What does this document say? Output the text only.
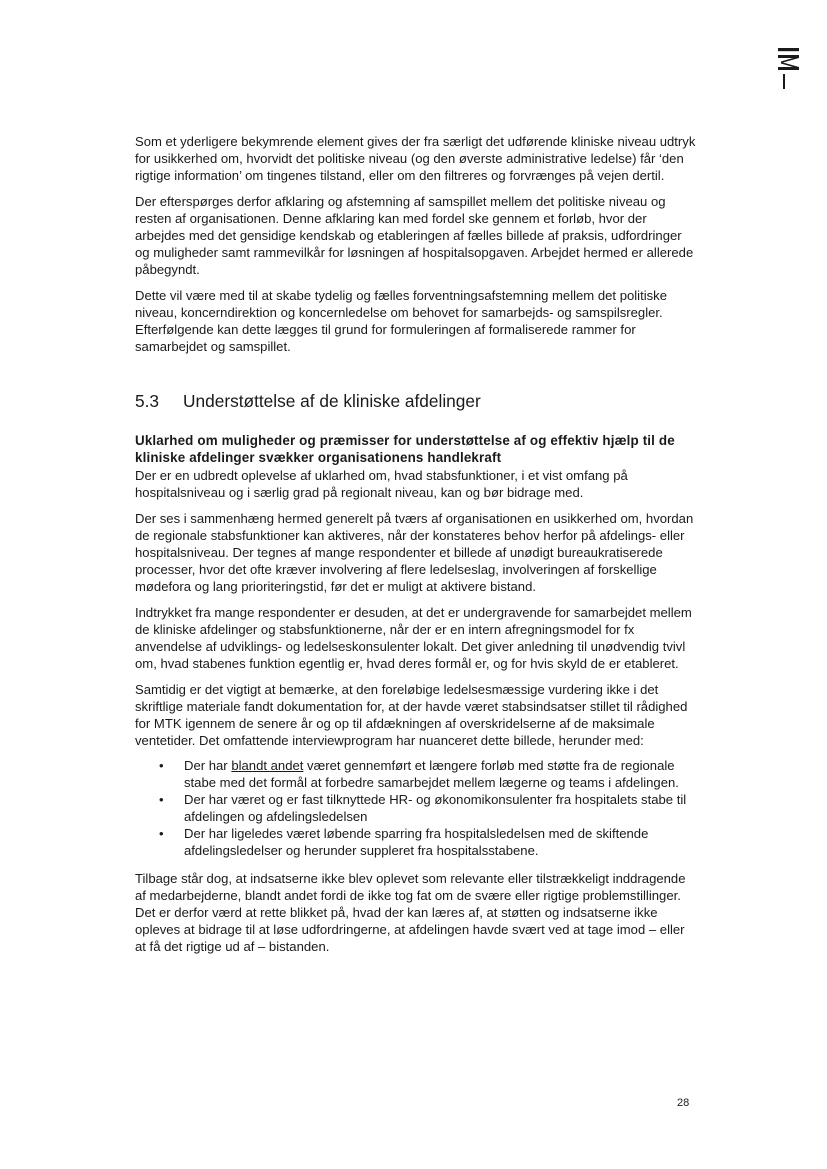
Som et yderligere bekymrende element gives der fra særligt det udførende kliniske niveau udtryk for usikkerhed om, hvorvidt det politiske niveau (og den øverste administrative ledelse) får ‘den rigtige information’ om tingenes tilstand, eller om den filtreres og forvrænges på vejen dertil.

Der efterspørges derfor afklaring og afstemning af samspillet mellem det politiske niveau og resten af organisationen. Denne afklaring kan med fordel ske gennem et forløb, hvor der arbejdes med det gensidige kendskab og etableringen af fælles billede af praksis, udfordringer og muligheder samt rammevilkår for løsningen af hospitalsopgaven. Arbejdet hermed er allerede påbegyndt.

Dette vil være med til at skabe tydelig og fælles forventningsafstemning mellem det politiske niveau, koncerndirektion og koncernledelse om behovet for samarbejds- og samspilsregler. Efterfølgende kan dette lægges til grund for formuleringen af formaliserede rammer for samarbejdet og samspillet.

5.3	Understøttelse af de kliniske afdelinger
Uklarhed om muligheder og præmisser for understøttelse af og effektiv hjælp til de kliniske afdelinger svækker organisationens handlekraft

Der er en udbredt oplevelse af uklarhed om, hvad stabsfunktioner, i et vist omfang på hospitalsniveau og i særlig grad på regionalt niveau, kan og bør bidrage med.

Der ses i sammenhæng hermed generelt på tværs af organisationen en usikkerhed om, hvordan de regionale stabsfunktioner kan aktiveres, når der konstateres behov herfor på afdelings- eller hospitalsniveau. Der tegnes af mange respondenter et billede af unødigt bureaukratiserede processer, hvor det ofte kræver involvering af flere ledelseslag, involveringen af forskellige mødefora og lang prioriteringstid, før det er muligt at aktivere bistand.

Indtrykket fra mange respondenter er desuden, at det er undergravende for samarbejdet mellem de kliniske afdelinger og stabsfunktionerne, når der er en intern afregningsmodel for fx anvendelse af udviklings- og ledelseskonsulenter lokalt. Det giver anledning til unødvendig tvivl om, hvad stabenes funktion egentlig er, hvad deres formål er, og for hvis skyld de er etableret.

Samtidig er det vigtigt at bemærke, at den foreløbige ledelsesmæssige vurdering ikke i det skriftlige materiale fandt dokumentation for, at der havde været stabsindsatser stillet til rådighed for MTK igennem de senere år og op til afdækningen af overskridelserne af de maksimale ventetider. Det omfattende interviewprogram har nuanceret dette billede, herunder med:

• Der har blandt andet været gennemført et længere forløb med støtte fra de regionale stabe med det formål at forbedre samarbejdet mellem lægerne og teams i afdelingen.
• Der har været og er fast tilknyttede HR- og økonomikonsulenter fra hospitalets stabe til afdelingen og afdelingsledelsen
• Der har ligeledes været løbende sparring fra hospitalsledelsen med de skiftende afdelingsledelser og herunder suppleret fra hospitalsstabene.

Tilbage står dog, at indsatserne ikke blev oplevet som relevante eller tilstrækkeligt inddragende af medarbejderne, blandt andet fordi de ikke tog fat om de svære eller rigtige problemstillinger. Det er derfor værd at rette blikket på, hvad der kan læres af, at støtten og indsatserne ikke opleves at bidrage til at løse udfordringerne, at afdelingen havde svært ved at tage imod – eller at få det rigtige ud af – bistanden.

28
